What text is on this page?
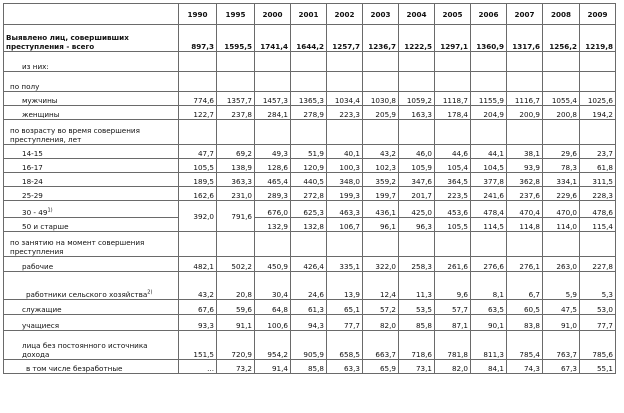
	1990	1995	2000	2001	2002	2003	2004	2005	2006	2007	2008	2009
Выявлено лиц, совершивших преступления - всего	897,3	1595,5	1741,4	1644,2	1257,7	1236,7	1222,5	1297,1	1360,9	1317,6	1256,2	1219,8
из них:												
по полу												
мужчины	774,6	1357,7	1457,3	1365,3	1034,4	1030,8	1059,2	1118,7	1155,9	1116,7	1055,4	1025,6
женщины	122,7	237,8	284,1	278,9	223,3	205,9	163,3	178,4	204,9	200,9	200,8	194,2
по возрасту во время совершения преступления, лет												
14-15	47,7	69,2	49,3	51,9	40,1	43,2	46,0	44,6	44,1	38,1	29,6	23,7
16-17	105,5	138,9	128,6	120,9	100,3	102,3	105,9	105,4	104,5	93,9	78,3	61,8
18-24	189,5	363,3	465,4	440,5	348,0	359,2	347,6	364,5	377,8	362,8	334,1	311,5
25-29	162,6	231,0	289,3	272,8	199,3	199,7	201,7	223,5	241,6	237,6	229,6	228,3
30 - 49$^{1)}$	392,0	791,6	676,0	625,3	463,3	436,1	425,0	453,6	478,4	470,4	470,0	478,6
50 и старше			132,9	132,8	106,7	96,1	96,3	105,5	114,5	114,8	114,0	115,4
по занятию на момент совершения преступления												
рабочие	482,1	502,2	450,9	426,4	335,1	322,0	258,3	261,6	276,6	276,1	263,0	227,8
работники сельского хозяйства$^{2)}$	43,2	20,8	30,4	24,6	13,9	12,4	11,3	9,6	8,1	6,7	5,9	5,3
служащие	67,6	59,6	64,8	61,3	65,1	57,2	53,5	57,7	63,5	60,5	47,5	53,0
учащиеся	93,3	91,1	100,6	94,3	77,7	82,0	85,8	87,1	90,1	83,8	91,0	77,7
лица без постоянного источника дохода	151,5	720,9	954,2	905,9	658,5	663,7	718,6	781,8	811,3	785,4	763,7	785,6
в том числе безработные	...	73,2	91,4	85,8	63,3	65,9	73,1	82,0	84,1	74,3	67,3	55,1
